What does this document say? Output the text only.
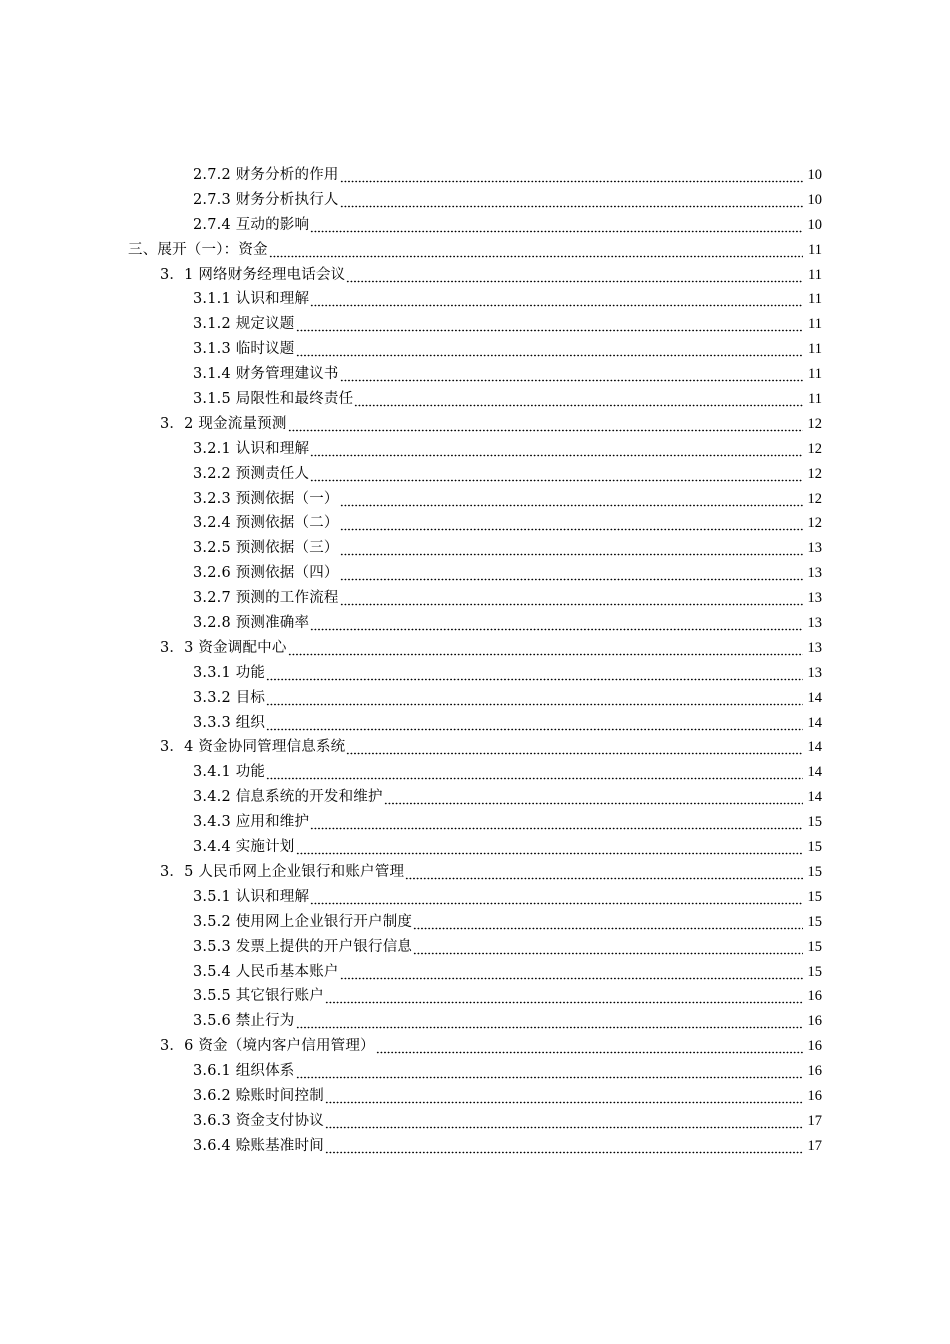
2.7.2 财务分析的作用	10
2.7.3 财务分析执行人	10
2.7.4 互动的影响	10
三、展开（一）：资金	11
3．1 网络财务经理电话会议	11
3.1.1 认识和理解	11
3.1.2 规定议题	11
3.1.3 临时议题	11
3.1.4 财务管理建议书	11
3.1.5 局限性和最终责任	11
3．2 现金流量预测	12
3.2.1 认识和理解	12
3.2.2 预测责任人	12
3.2.3 预测依据（一）	12
3.2.4 预测依据（二）	12
3.2.5 预测依据（三）	13
3.2.6 预测依据（四）	13
3.2.7 预测的工作流程	13
3.2.8 预测准确率	13
3．3 资金调配中心	13
3.3.1 功能	13
3.3.2 目标	14
3.3.3 组织	14
3．4 资金协同管理信息系统	14
3.4.1 功能	14
3.4.2 信息系统的开发和维护	14
3.4.3 应用和维护	15
3.4.4 实施计划	15
3．5 人民币网上企业银行和账户管理	15
3.5.1 认识和理解	15
3.5.2 使用网上企业银行开户制度	15
3.5.3 发票上提供的开户银行信息	15
3.5.4 人民币基本账户	15
3.5.5 其它银行账户	16
3.5.6 禁止行为	16
3．6 资金（境内客户信用管理）	16
3.6.1 组织体系	16
3.6.2 赊账时间控制	16
3.6.3 资金支付协议	17
3.6.4 赊账基准时间	17
